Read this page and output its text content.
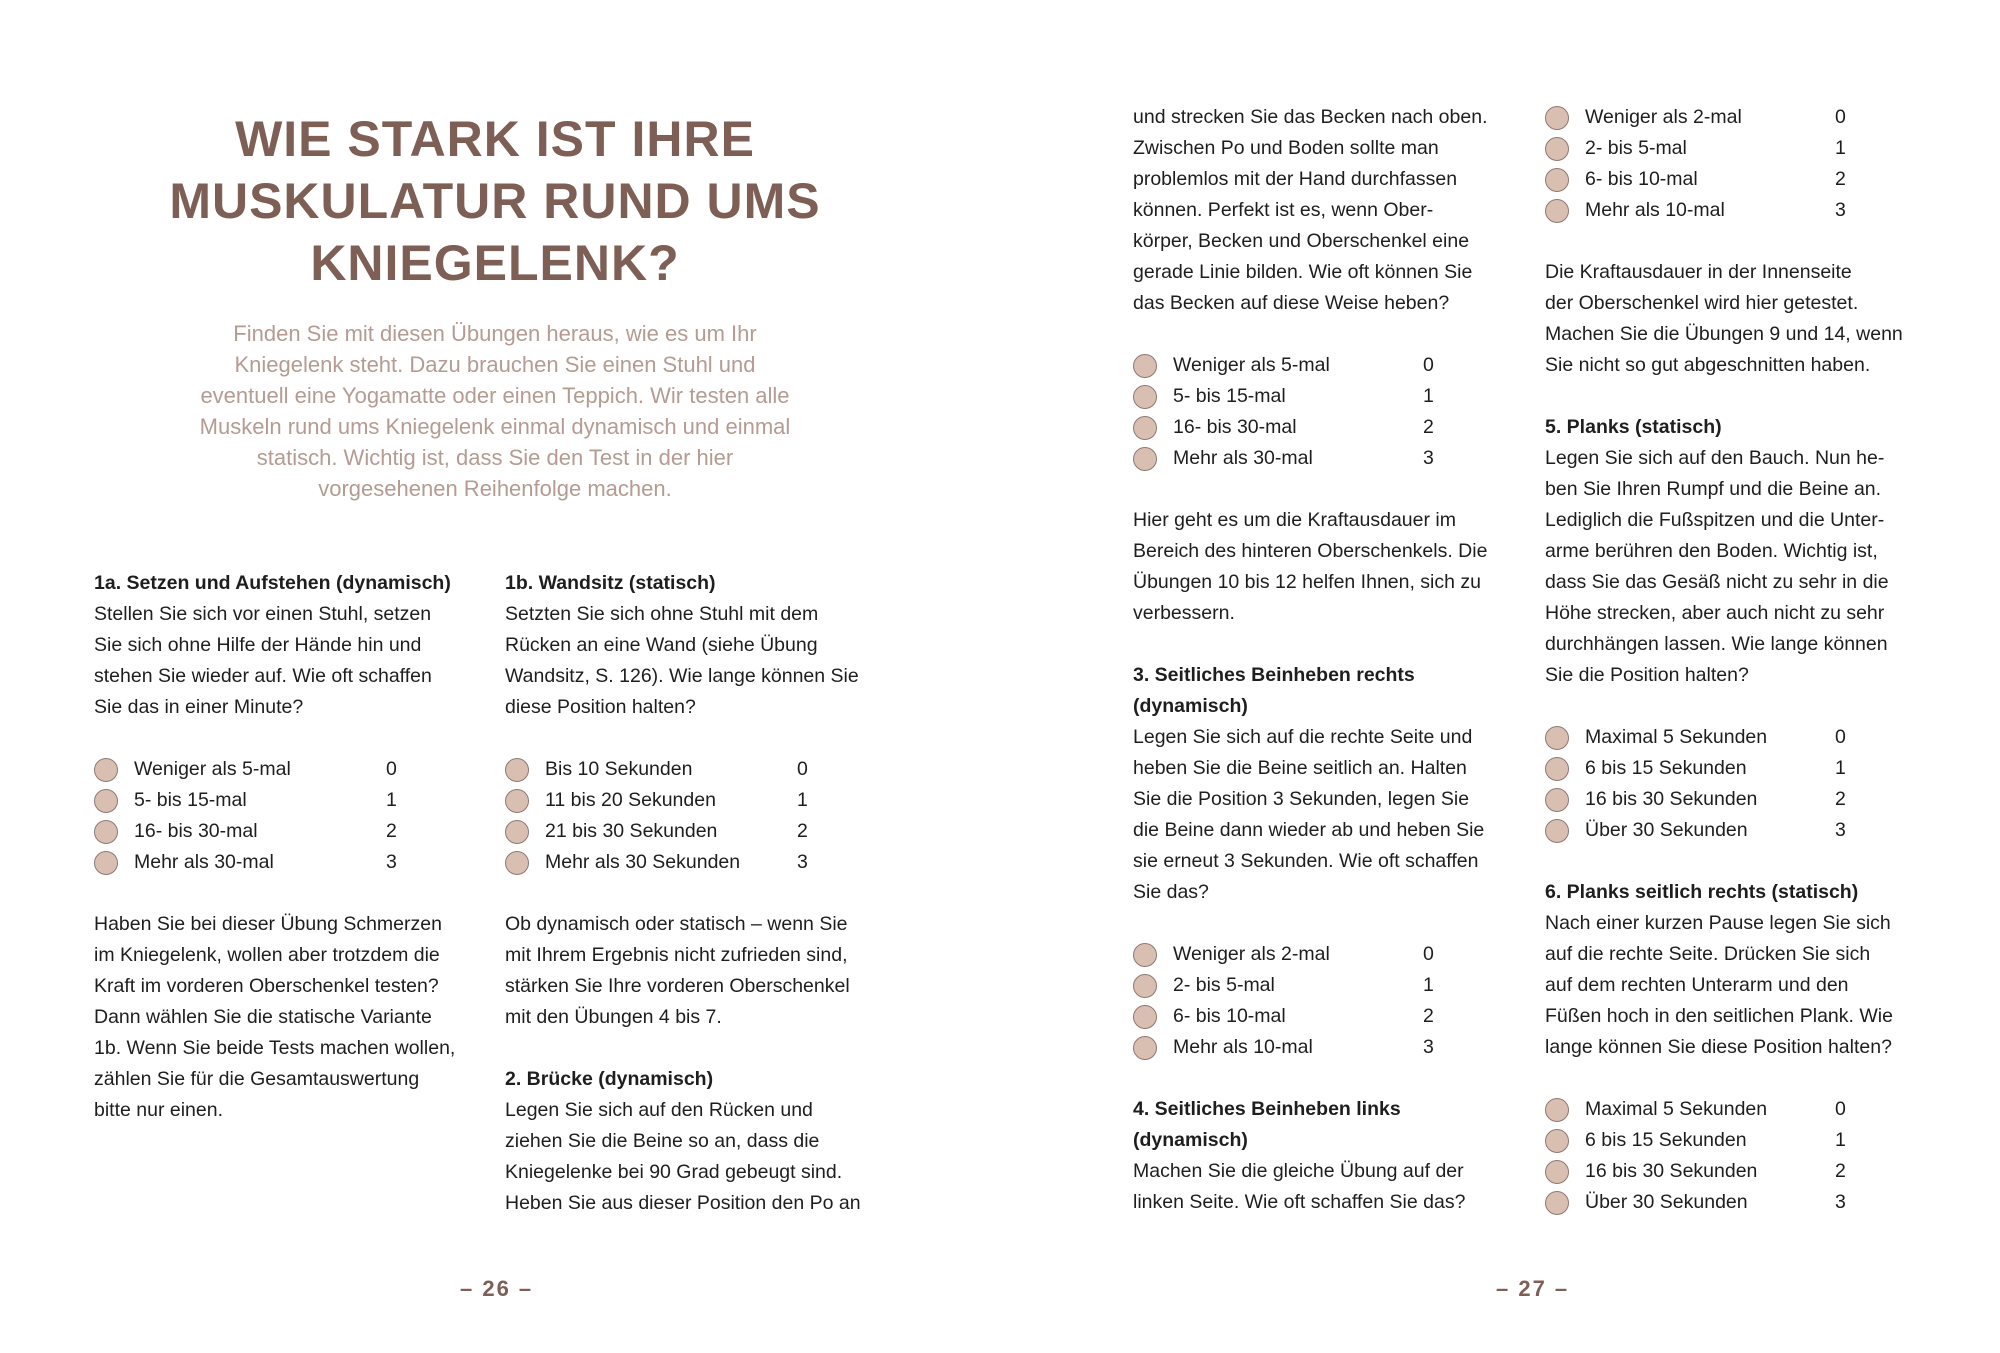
WIE STARK IST IHRE
MUSKULATUR RUND UMS
KNIEGELENK?

Finden Sie mit diesen Übungen heraus, wie es um Ihr

Kniegelenk steht. Dazu brauchen Sie einen Stuhl und

eventuell eine Yogamatte oder einen Teppich. Wir testen alle

Muskeln rund ums Kniegelenk einmal dynamisch und einmal

statisch. Wichtig ist, dass Sie den Test in der hier

vorgesehenen Reihenfolge machen.

1a. Setzen und Aufstehen (dynamisch)

Stellen Sie sich vor einen Stuhl, setzen

Sie sich ohne Hilfe der Hände hin und

stehen Sie wieder auf. Wie oft schaffen

Sie das in einer Minute?

Weniger als 5-mal	0
5- bis 15-mal	1
16- bis 30-mal	2
Mehr als 30-mal	3

Haben Sie bei dieser Übung Schmerzen

im Kniegelenk, wollen aber trotzdem die

Kraft im vorderen Oberschenkel testen?

Dann wählen Sie die statische Variante

1b. Wenn Sie beide Tests machen wollen,

zählen Sie für die Gesamtauswertung

bitte nur einen.

1b. Wandsitz (statisch)

Setzten Sie sich ohne Stuhl mit dem

Rücken an eine Wand (siehe Übung

Wandsitz, S. 126). Wie lange können Sie

diese Position halten?

Bis 10 Sekunden	0
11 bis 20 Sekunden	1
21 bis 30 Sekunden	2
Mehr als 30 Sekunden	3

Ob dynamisch oder statisch – wenn Sie

mit Ihrem Ergebnis nicht zufrieden sind,

stärken Sie Ihre vorderen Oberschenkel

mit den Übungen 4 bis 7.

2. Brücke (dynamisch)

Legen Sie sich auf den Rücken und

ziehen Sie die Beine so an, dass die

Kniegelenke bei 90 Grad gebeugt sind.

Heben Sie aus dieser Position den Po an

– 26 –

und strecken Sie das Becken nach oben.

Zwischen Po und Boden sollte man

problemlos mit der Hand durchfassen

können. Perfekt ist es, wenn Ober-

körper, Becken und Oberschenkel eine

gerade Linie bilden. Wie oft können Sie

das Becken auf diese Weise heben?

Weniger als 5-mal	0
5- bis 15-mal	1
16- bis 30-mal	2
Mehr als 30-mal	3

Hier geht es um die Kraftausdauer im

Bereich des hinteren Oberschenkels. Die

Übungen 10 bis 12 helfen Ihnen, sich zu

verbessern.

3. Seitliches Beinheben rechts

(dynamisch)

Legen Sie sich auf die rechte Seite und

heben Sie die Beine seitlich an. Halten

Sie die Position 3 Sekunden, legen Sie

die Beine dann wieder ab und heben Sie

sie erneut 3 Sekunden. Wie oft schaffen

Sie das?

Weniger als 2-mal	0
2- bis 5-mal	1
6- bis 10-mal	2
Mehr als 10-mal	3

4. Seitliches Beinheben links

(dynamisch)

Machen Sie die gleiche Übung auf der

linken Seite. Wie oft schaffen Sie das?

Weniger als 2-mal	0
2- bis 5-mal	1
6- bis 10-mal	2
Mehr als 10-mal	3

Die Kraftausdauer in der Innenseite

der Oberschenkel wird hier getestet.

Machen Sie die Übungen 9 und 14, wenn

Sie nicht so gut abgeschnitten haben.

5. Planks (statisch)

Legen Sie sich auf den Bauch. Nun he-

ben Sie Ihren Rumpf und die Beine an.

Lediglich die Fußspitzen und die Unter-

arme berühren den Boden. Wichtig ist,

dass Sie das Gesäß nicht zu sehr in die

Höhe strecken, aber auch nicht zu sehr

durchhängen lassen. Wie lange können

Sie die Position halten?

Maximal 5 Sekunden	0
6 bis 15 Sekunden	1
16 bis 30 Sekunden	2
Über 30 Sekunden	3

6. Planks seitlich rechts (statisch)

Nach einer kurzen Pause legen Sie sich

auf die rechte Seite. Drücken Sie sich

auf dem rechten Unterarm und den

Füßen hoch in den seitlichen Plank. Wie

lange können Sie diese Position halten?

Maximal 5 Sekunden	0
6 bis 15 Sekunden	1
16 bis 30 Sekunden	2
Über 30 Sekunden	3
– 27 –
